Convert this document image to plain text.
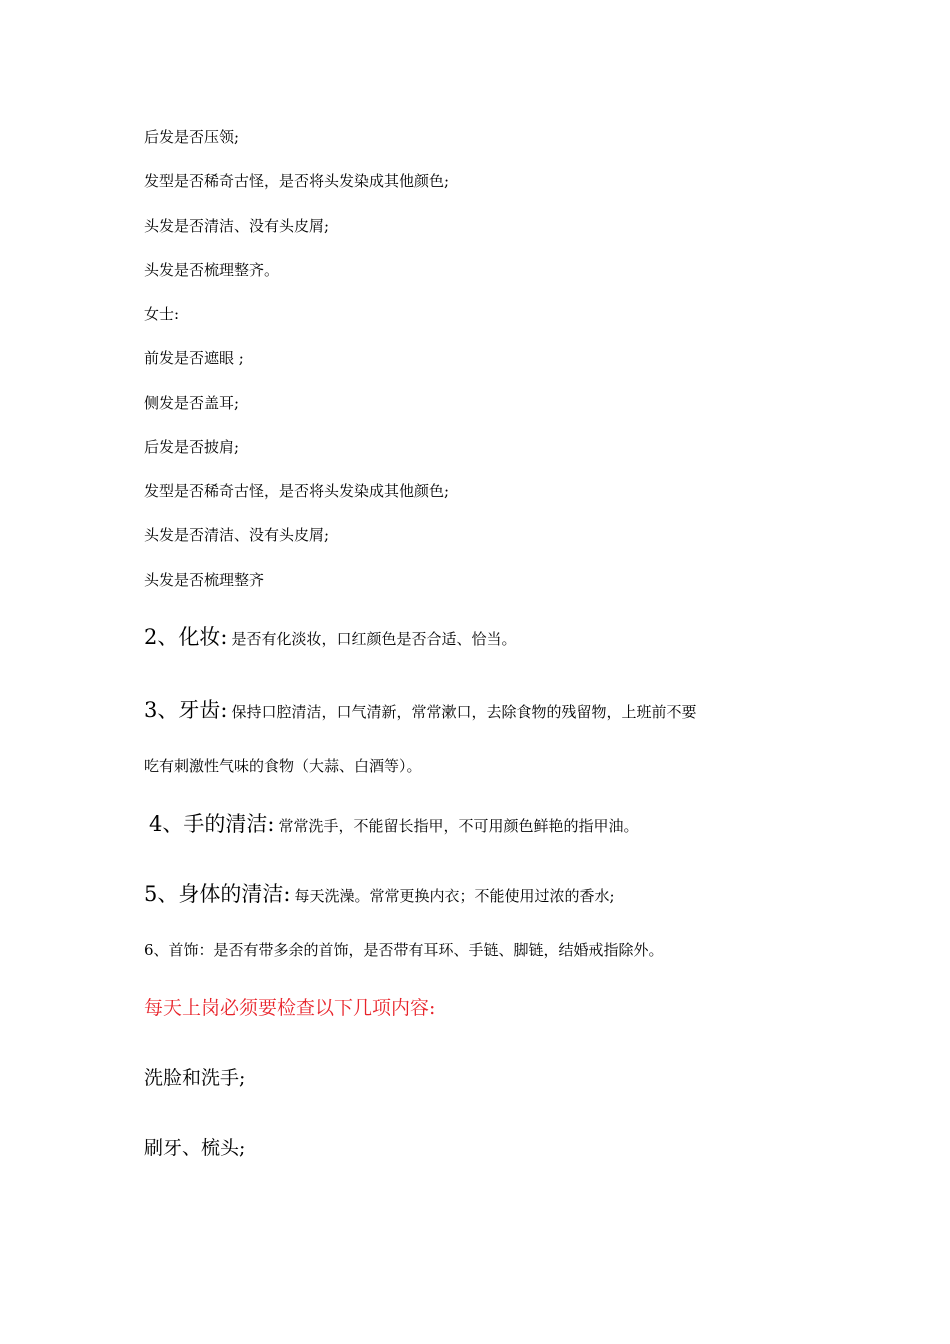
后发是否压领;
发型是否稀奇古怪，是否将头发染成其他颜色;
头发是否清洁、没有头皮屑;
头发是否梳理整齐。
女士:
前发是否遮眼 ;
侧发是否盖耳;
后发是否披肩;
发型是否稀奇古怪，是否将头发染成其他颜色;
头发是否清洁、没有头皮屑;
头发是否梳理整齐
2、化妆: 是否有化淡妆，口红颜色是否合适、恰当。
3、牙齿: 保持口腔清洁，口气清新，常常漱口，去除食物的残留物，上班前不要
吃有刺激性气味的食物（大蒜、白酒等）。
4、手的清洁: 常常洗手，不能留长指甲，不可用颜色鲜艳的指甲油。
5、身体的清洁: 每天洗澡。常常更换内衣；不能使用过浓的香水;
6、首饰：是否有带多余的首饰，是否带有耳环、手链、脚链，结婚戒指除外。
每天上岗必须要检查以下几项内容:
洗脸和洗手;
刷牙、梳头;
